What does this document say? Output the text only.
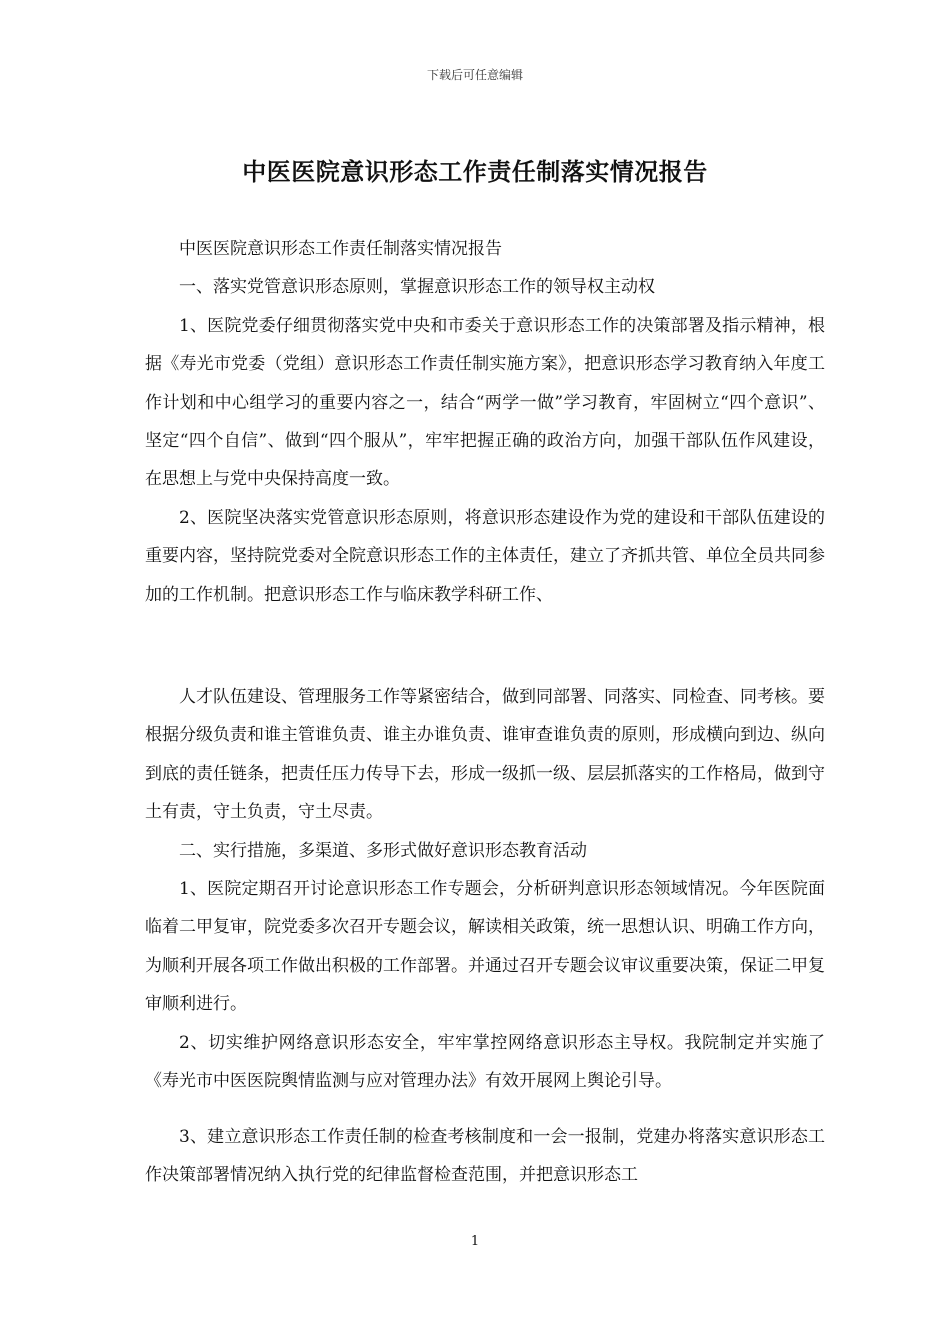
下载后可任意编辑
中医医院意识形态工作责任制落实情况报告

中医医院意识形态工作责任制落实情况报告

一、落实党管意识形态原则，掌握意识形态工作的领导权主动权

1、医院党委仔细贯彻落实党中央和市委关于意识形态工作的决策部署及指示精神，根据《寿光市党委（党组）意识形态工作责任制实施方案》，把意识形态学习教育纳入年度工作计划和中心组学习的重要内容之一，结合“两学一做”学习教育，牢固树立“四个意识”、坚定“四个自信”、做到“四个服从”，牢牢把握正确的政治方向，加强干部队伍作风建设，在思想上与党中央保持高度一致。

2、医院坚决落实党管意识形态原则，将意识形态建设作为党的建设和干部队伍建设的重要内容，坚持院党委对全院意识形态工作的主体责任，建立了齐抓共管、单位全员共同参加的工作机制。把意识形态工作与临床教学科研工作、

人才队伍建设、管理服务工作等紧密结合，做到同部署、同落实、同检查、同考核。要根据分级负责和谁主管谁负责、谁主办谁负责、谁审查谁负责的原则，形成横向到边、纵向到底的责任链条，把责任压力传导下去，形成一级抓一级、层层抓落实的工作格局，做到守土有责，守土负责，守土尽责。

二、实行措施，多渠道、多形式做好意识形态教育活动

1、医院定期召开讨论意识形态工作专题会，分析研判意识形态领域情况。今年医院面临着二甲复审，院党委多次召开专题会议，解读相关政策，统一思想认识、明确工作方向，为顺利开展各项工作做出积极的工作部署。并通过召开专题会议审议重要决策，保证二甲复审顺利进行。

2、切实维护网络意识形态安全，牢牢掌控网络意识形态主导权。我院制定并实施了《寿光市中医医院舆情监测与应对管理办法》有效开展网上舆论引导。

3、建立意识形态工作责任制的检查考核制度和一会一报制，党建办将落实意识形态工作决策部署情况纳入执行党的纪律监督检查范围，并把意识形态工

1
